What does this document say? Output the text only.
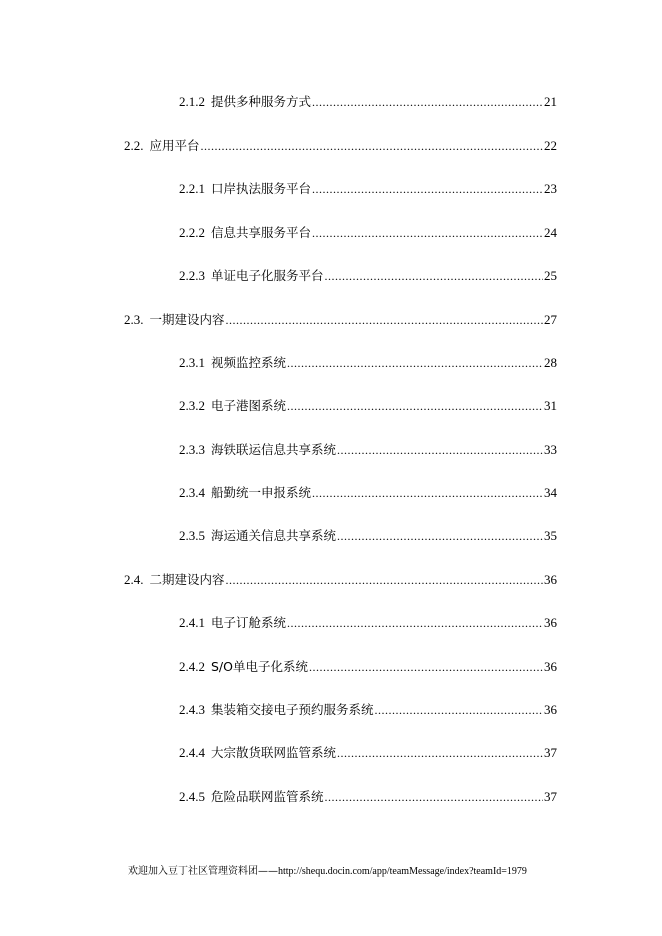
2.1.2 提供多种服务方式 .....	21
2.2. 应用平台 .....	22
2.2.1 口岸执法服务平台 .....	23
2.2.2 信息共享服务平台 .....	24
2.2.3 单证电子化服务平台 .....	25
2.3. 一期建设内容 .....	27
2.3.1 视频监控系统 .....	28
2.3.2 电子港图系统 .....	31
2.3.3 海铁联运信息共享系统 .....	33
2.3.4 船勤统一申报系统 .....	34
2.3.5 海运通关信息共享系统 .....	35
2.4. 二期建设内容 .....	36
2.4.1 电子订舱系统 .....	36
2.4.2 S/O单电子化系统 .....	36
2.4.3 集装箱交接电子预约服务系统 .....	36
2.4.4 大宗散货联网监管系统 .....	37
2.4.5 危险品联网监管系统 .....	37
欢迎加入豆丁社区管理资料团——http://shequ.docin.com/app/teamMessage/index?teamId=1979
